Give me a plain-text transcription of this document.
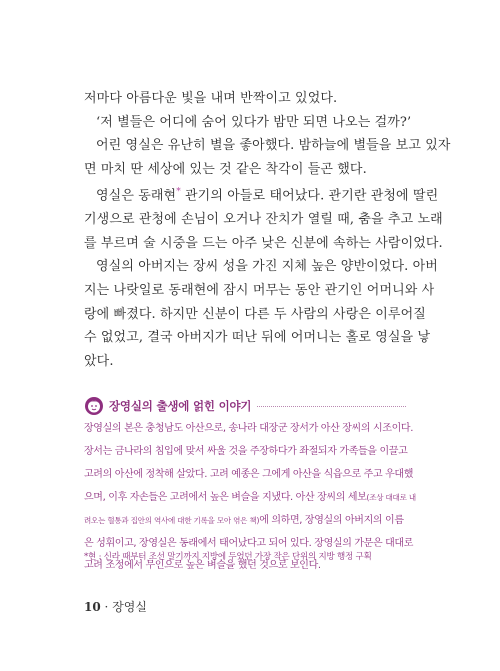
저마다 아름다운 빛을 내며 반짝이고 있었다.

‘저 별들은 어디에 숨어 있다가 밤만 되면 나오는 걸까?’

어린 영실은 유난히 별을 좋아했다. 밤하늘에 별들을 보고 있자
면 마치 딴 세상에 있는 것 같은 착각이 들곤 했다.

영실은 동래현* 관기의 아들로 태어났다. 관기란 관청에 딸린
기생으로 관청에 손님이 오거나 잔치가 열릴 때, 춤을 추고 노래
를 부르며 술 시중을 드는 아주 낮은 신분에 속하는 사람이었다.

영실의 아버지는 장씨 성을 가진 지체 높은 양반이었다. 아버
지는 나랏일로 동래현에 잠시 머무는 동안 관기인 어머니와 사
랑에 빠졌다. 하지만 신분이 다른 두 사람의 사랑은 이루어질
수 없었고, 결국 아버지가 떠난 뒤에 어머니는 홀로 영실을 낳
았다.

장영실의 출생에 얽힌 이야기
장영실의 본은 충청남도 아산으로, 송나라 대장군 장서가 아산 장씨의 시조이다.
장서는 금나라의 침입에 맞서 싸울 것을 주장하다가 좌절되자 가족들을 이끌고
고려의 아산에 정착해 살았다. 고려 예종은 그에게 아산을 식읍으로 주고 우대했
으며, 이후 자손들은 고려에서 높은 벼슬을 지냈다. 아산 장씨의 세보(조상 대대로 내
려오는 혈통과 집안의 역사에 대한 기록을 모아 엮은 책)에 의하면, 장영실의 아버지의 이름
은 성휘이고, 장영실은 동래에서 태어났다고 되어 있다. 장영실의 가문은 대대로
고려 조정에서 무인으로 높은 벼슬을 했던 것으로 보인다.
*현 : 신라 때부터 조선 말기까지 지방에 두었던 가장 작은 단위의 지방 행정 구획
10 · 장영실
